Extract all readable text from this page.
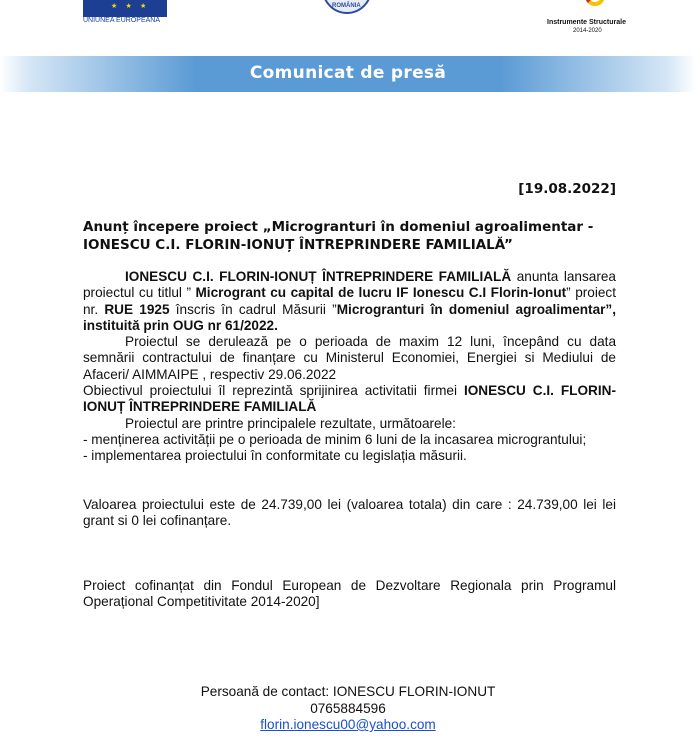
★ ★ ★
UNIUNEA EUROPEANĂ
ROMÂNIA
Instrumente Structurale
2014-2020
Comunicat de presă
[19.08.2022]
Anunț începere proiect „Microgranturi în domeniul agroalimentar -
IONESCU C.I. FLORIN-IONUȚ ÎNTREPRINDERE FAMILIALĂ”

IONESCU C.I. FLORIN-IONUȚ ÎNTREPRINDERE FAMILIALĂ anunta lansarea proiectul cu titlul ” Microgrant cu capital de lucru IF Ionescu C.I Florin-Ionut” proiect nr. RUE 1925 înscris în cadrul Măsurii ”Microgranturi în domeniul agroalimentar”, instituită prin OUG nr 61/2022.

Proiectul se derulează pe o perioada de maxim 12 luni, începând cu data semnării contractului de finanțare cu Ministerul Economiei, Energiei si Mediului de Afaceri/ AIMMAIPE , respectiv 29.06.2022

Obiectivul proiectului îl reprezintă sprijinirea activitatii firmei IONESCU C.I. FLORIN-IONUȚ ÎNTREPRINDERE FAMILIALĂ

Proiectul are printre principalele rezultate, următoarele:

- menținerea activității pe o perioada de minim 6 luni de la incasarea micrograntului;

- implementarea proiectului în conformitate cu legislația măsurii.

Valoarea proiectului este de 24.739,00 lei (valoarea totala) din care : 24.739,00 lei lei grant si 0 lei cofinanțare.

Proiect cofinanțat din Fondul European de Dezvoltare Regionala prin Programul Operațional Competitivitate 2014-2020]

Persoană de contact: IONESCU FLORIN-IONUT
0765884596
florin.ionescu00@yahoo.com
